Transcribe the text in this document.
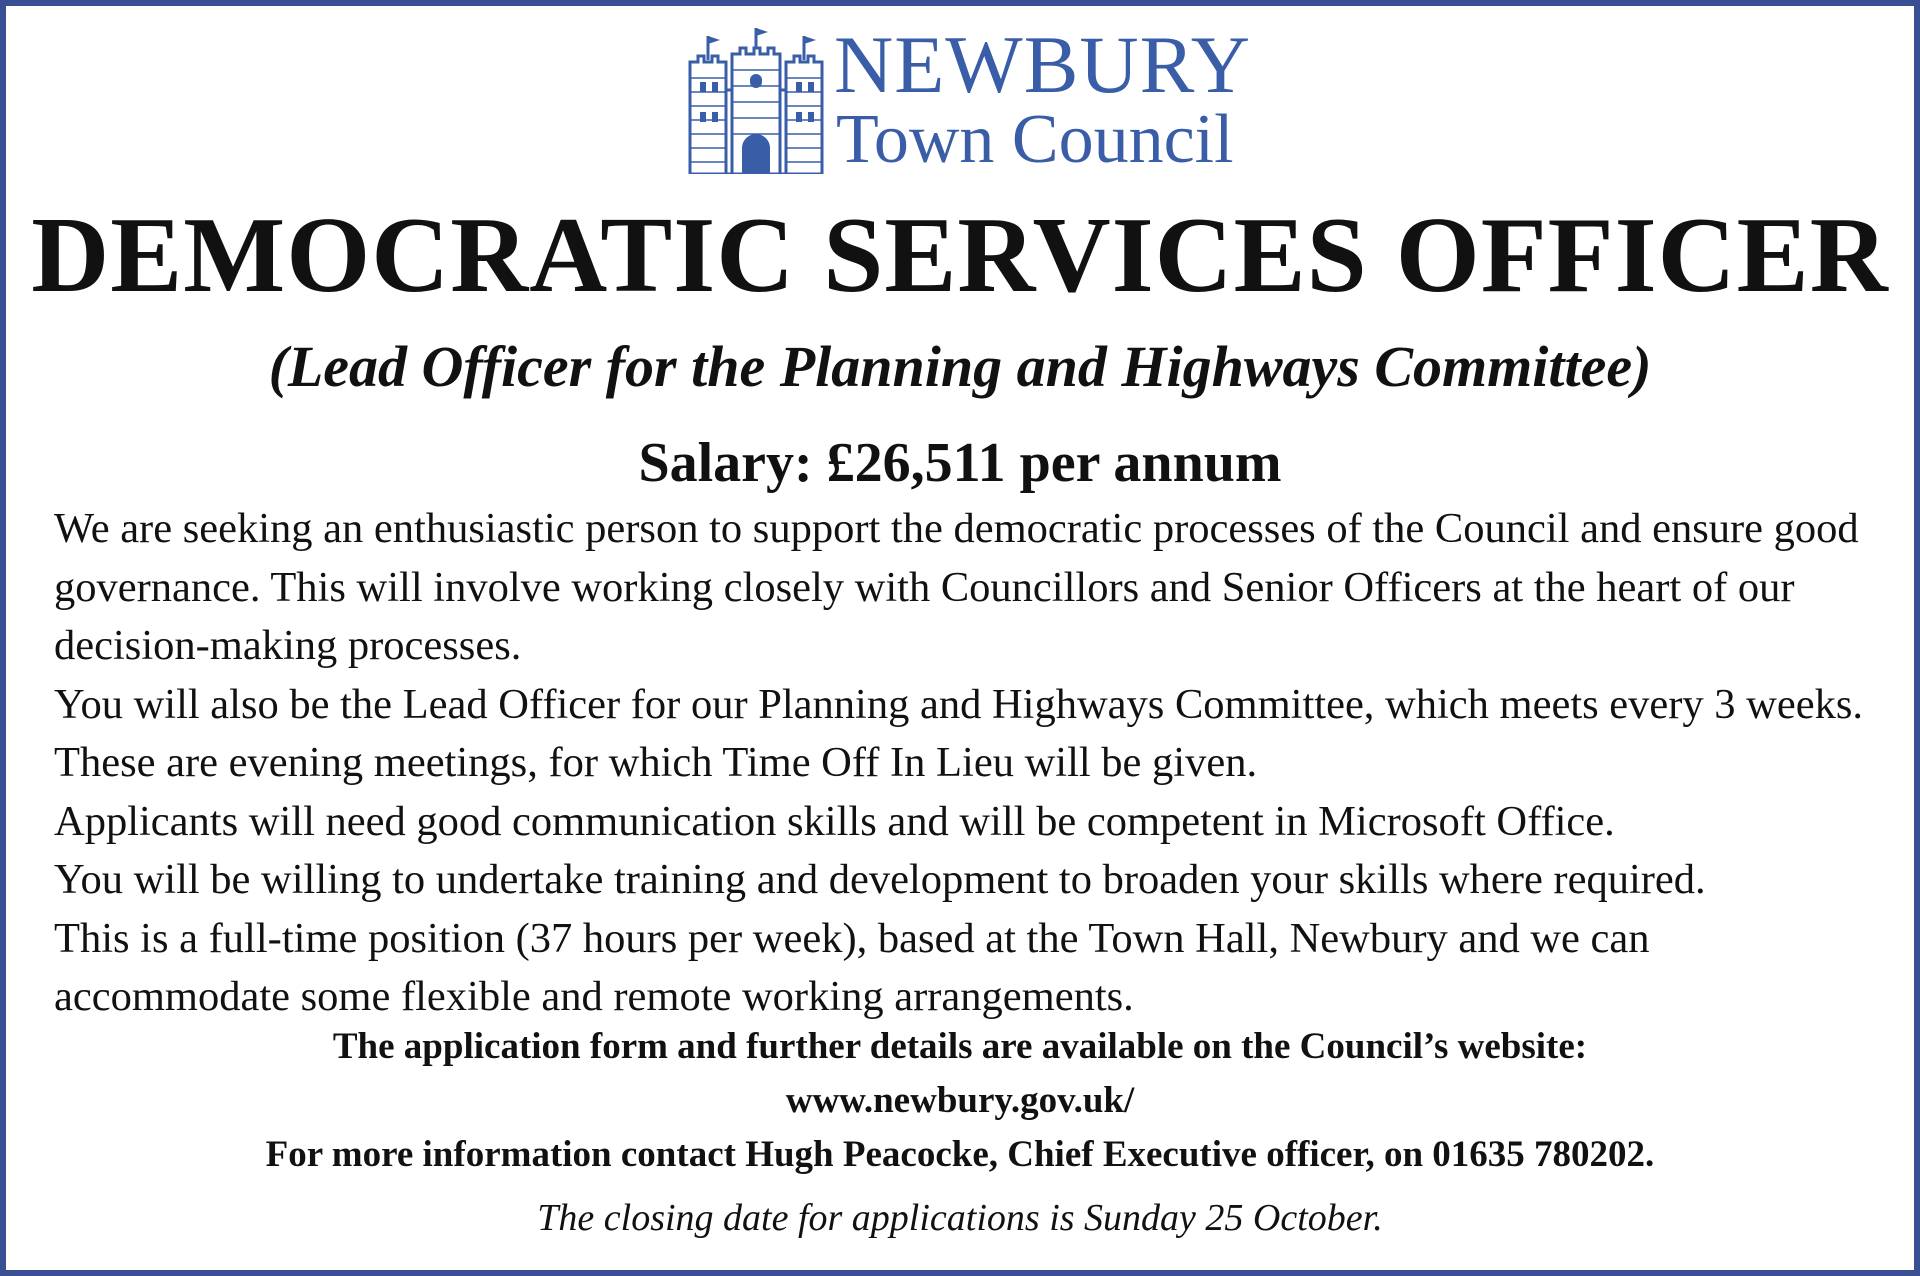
NEWBURY
Town Council
DEMOCRATIC SERVICES OFFICER
(Lead Officer for the Planning and Highways Committee)
Salary: £26,511 per annum

We are seeking an enthusiastic person to support the democratic processes of the Council and ensure good governance. This will involve working closely with Councillors and Senior Officers at the heart of our decision-making processes.

You will also be the Lead Officer for our Planning and Highways Committee, which meets every 3 weeks. These are evening meetings, for which Time Off In Lieu will be given.

Applicants will need good communication skills and will be competent in Microsoft Office.

You will be willing to undertake training and development to broaden your skills where required.

This is a full-time position (37 hours per week), based at the Town Hall, Newbury and we can accommodate some flexible and remote working arrangements.

The application form and further details are available on the Council’s website:
www.newbury.gov.uk/
For more information contact Hugh Peacocke, Chief Executive officer, on 01635 780202.
The closing date for applications is Sunday 25 October.
